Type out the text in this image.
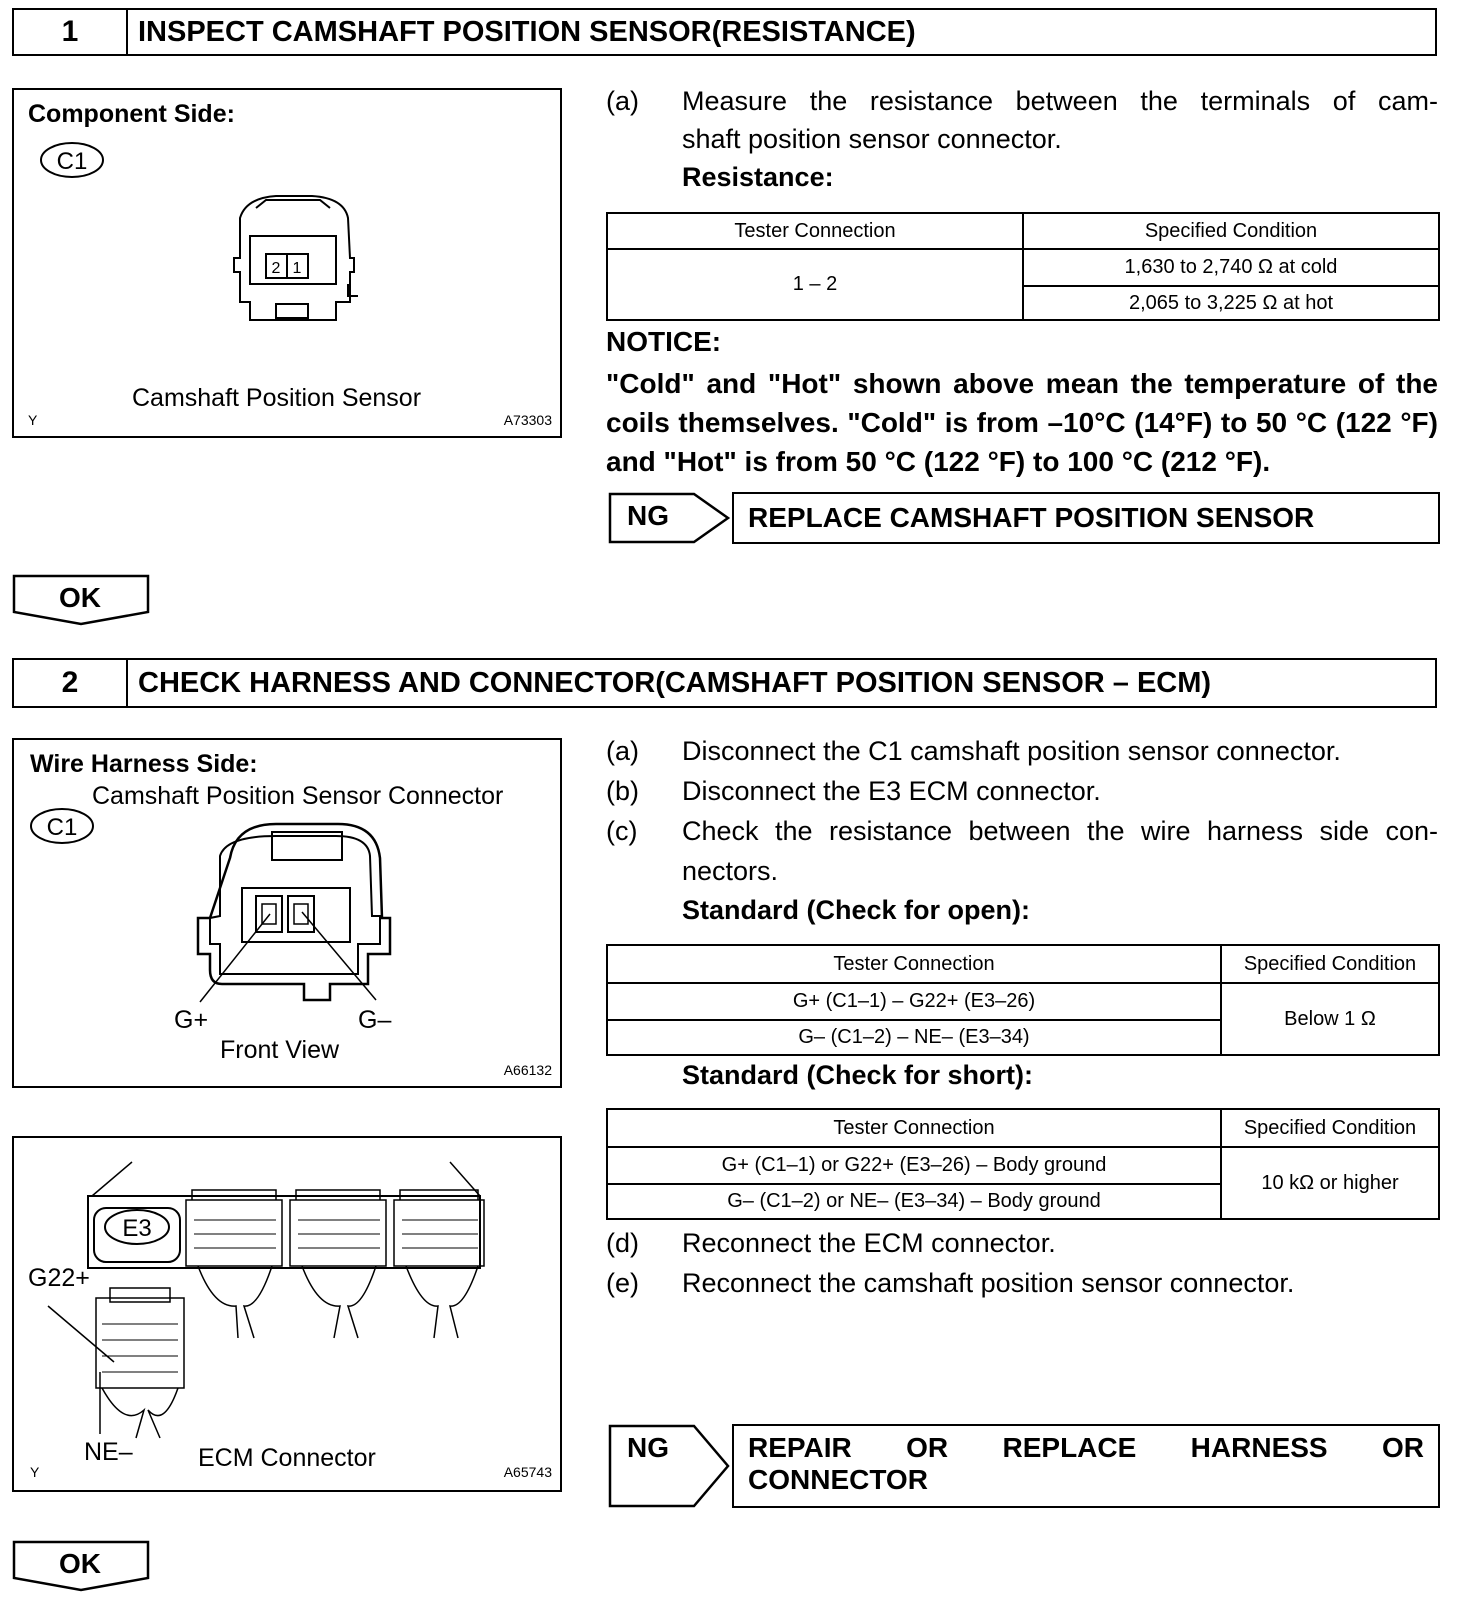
1	INSPECT CAMSHAFT POSITION SENSOR(RESISTANCE)
Component Side:
C1
2 1
Camshaft Position Sensor
Y	A73303
(a) Measure the resistance between the terminals of cam-
shaft position sensor connector.
Resistance:
Tester Connection	Specified Condition
1 – 2	1,630 to 2,740 Ω at cold
	2,065 to 3,225 Ω at hot
NOTICE:
"Cold" and "Hot" shown above mean the temperature of the coils themselves. "Cold" is from –10°C (14°F) to 50 °C (122 °F) and "Hot" is from 50 °C (122 °F) to 100 °C (212 °F).
NG	REPLACE CAMSHAFT POSITION SENSOR
OK
2	CHECK HARNESS AND CONNECTOR(CAMSHAFT POSITION SENSOR – ECM)
Wire Harness Side:
Camshaft Position Sensor Connector
C1
G+	G–
Front View
A66132
E3
G22+
NE–	ECM Connector
Y	A65743
(a) Disconnect the C1 camshaft position sensor connector.
(b) Disconnect the E3 ECM connector.
(c) Check the resistance between the wire harness side con-
nectors.
Standard (Check for open):
Tester Connection	Specified Condition
G+ (C1–1) – G22+ (E3–26)	Below 1 Ω
G– (C1–2) – NE– (E3–34)	
Standard (Check for short):
Tester Connection	Specified Condition
G+ (C1–1) or G22+ (E3–26) – Body ground	10 kΩ or higher
G– (C1–2) or NE– (E3–34) – Body ground	
(d) Reconnect the ECM connector.
(e) Reconnect the camshaft position sensor connector.
NG	REPAIR OR REPLACE HARNESS OR
CONNECTOR
OK
